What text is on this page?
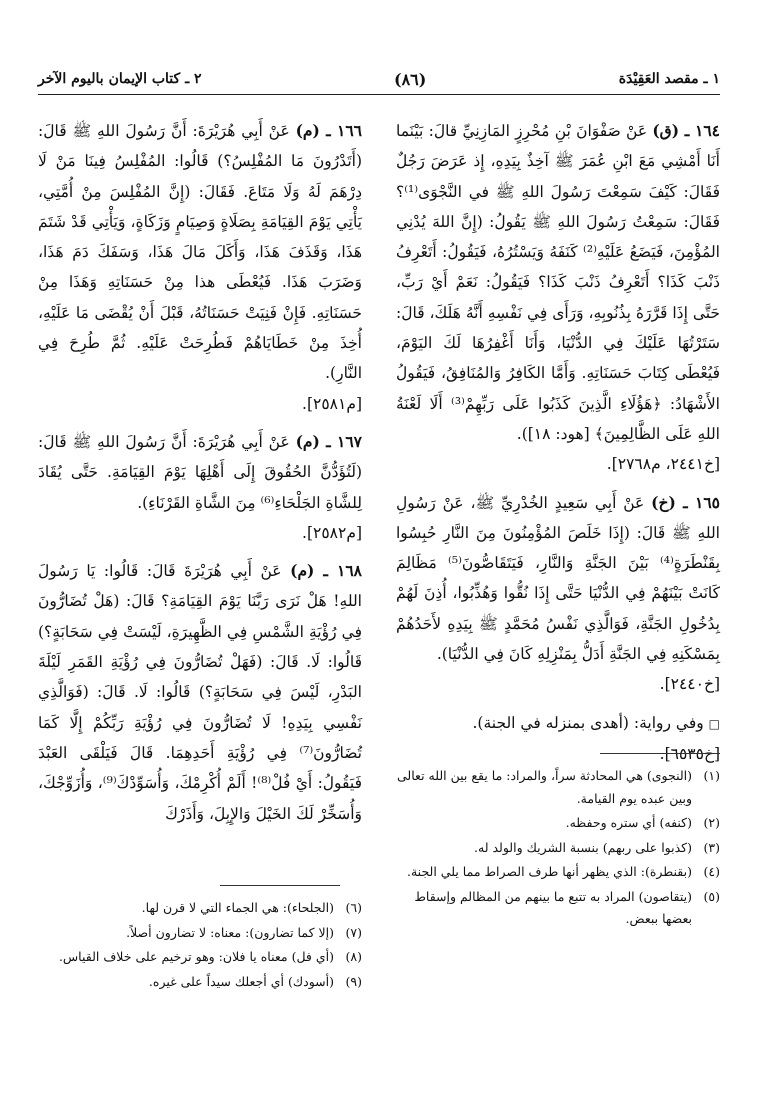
١ ـ مقصد العَقِيْدَة
(٨٦)
٢ ـ كتاب الإيمان باليوم الآخر

١٦٤ ـ (ق) عَنْ صَفْوَانَ بْنِ مُحْرِزٍ المَازِنِيِّ قالَ: بَيْنَما أَنَا أَمْشِي مَعَ ابْنِ عُمَرَ ﷺ آخِذٌ بِيَدِهِ، إِذ عَرَضَ رَجُلٌ فَقَالَ: كَيْفَ سَمِعْتَ رَسُولَ اللهِ ﷺ في النَّجْوَى⁽¹⁾؟ فَقَالَ: سَمِعْتُ رَسُولَ اللهِ ﷺ يَقُولُ: (إِنَّ اللهَ يُدْنِي المُؤْمِنَ، فَيَضَعُ عَلَيْهِ⁽²⁾ كَنَفَهُ وَيَسْتُرُهُ، فَيَقُولُ: أَتَعْرِفُ ذَنْبَ كَذَا؟ أَتَعْرِفُ ذَنْبَ كَذَا؟ فَيَقُولُ: نَعَمْ أَيْ رَبِّ، حَتَّى إِذَا قَرَّرَهُ بِذُنُوبِهِ، وَرَأَى فِي نَفْسِهِ أَنَّهُ هَلَكَ، قَالَ: سَتَرْتُهَا عَلَيْكَ فِي الدُّنْيَا، وَأَنَا أَغْفِرُهَا لَكَ اليَوْمَ، فَيُعْطَى كِتَابَ حَسَنَاتِهِ. وَأَمَّا الكَافِرُ وَالمُنَافِقُ، فَيَقُولُ الأَشْهَادُ: ﴿هَؤُلَاءِ الَّذِينَ كَذَبُوا عَلَى رَبِّهِمْ⁽³⁾ أَلَا لَعْنَةُ اللهِ عَلَى الظَّالِمِينَ﴾ [هود: ١٨]).
[خ٢٤٤١، م٢٧٦٨].

١٦٥ ـ (خ) عَنْ أَبِي سَعِيدٍ الخُدْرِيِّ ﷺ، عَنْ رَسُولِ اللهِ ﷺ قَالَ: (إِذَا خَلَصَ المُؤْمِنُونَ مِنَ النَّارِ حُبِسُوا بِقَنْطَرَةٍ⁽⁴⁾ بَيْنَ الجَنَّةِ وَالنَّارِ، فَيَتَقَاصُّونَ⁽⁵⁾ مَظَالِمَ كَانَتْ بَيْنَهُمْ فِي الدُّنْيَا حَتَّى إِذَا نُقُّوا وَهُذِّبُوا، أُذِنَ لَهُمْ بِدُخُولِ الجَنَّةِ، فَوَالَّذِي نَفْسُ مُحَمَّدٍ ﷺ بِيَدِهِ لأَحَدُهُمْ بِمَسْكَنِهِ فِي الجَنَّةِ أَدَلُّ بِمَنْزِلِهِ كَانَ فِي الدُّنْيَا).
[خ٢٤٤٠].

□ وفي رواية: (أهدى بمنزله في الجنة).
[خ٦٥٣٥].

١٦٦ ـ (م) عَنْ أَبِي هُرَيْرَةَ: أَنَّ رَسُولَ اللهِ ﷺ قَالَ: (أَتَدْرُونَ مَا المُفْلِسُ؟) قَالُوا: المُفْلِسُ فِينَا مَنْ لَا دِرْهَمَ لَهُ وَلَا مَتَاعَ. فَقَالَ: (إِنَّ المُفْلِسَ مِنْ أُمَّتِي، يَأْتِي يَوْمَ القِيَامَةِ بِصَلَاةٍ وَصِيَامٍ وَزَكَاةٍ، وَيَأْتِي قَدْ شَتَمَ هَذَا، وَقَذَفَ هَذَا، وَأَكَلَ مَالَ هَذَا، وَسَفَكَ دَمَ هَذَا، وَضَرَبَ هَذَا. فَيُعْطَى هذا مِنْ حَسَنَاتِهِ وَهَذَا مِنْ حَسَنَاتِهِ. فَإِنْ فَنِيَتْ حَسَنَاتُهُ، قَبْلَ أَنْ يُقْضَى مَا عَلَيْهِ، أُخِذَ مِنْ خَطَايَاهُمْ فَطُرِحَتْ عَلَيْهِ. ثُمَّ طُرِحَ فِي النَّارِ).
[م٢٥٨١].

١٦٧ ـ (م) عَنْ أَبِي هُرَيْرَةَ: أَنَّ رَسُولَ اللهِ ﷺ قَالَ: (لَتُؤَدُّنَّ الحُقُوقَ إِلَى أَهْلِهَا يَوْمَ القِيَامَةِ. حَتَّى يُقَادَ لِلشَّاةِ الجَلْحَاءِ⁽⁶⁾ مِنَ الشَّاةِ القَرْنَاءِ).
[م٢٥٨٢].

١٦٨ ـ (م) عَنْ أَبِي هُرَيْرَةَ قَالَ: قَالُوا: يَا رَسُولَ اللهِ! هَلْ نَرَى رَبَّنَا يَوْمَ القِيَامَةِ؟ قَالَ: (هَلْ تُضَارُّونَ فِي رُؤْيَةِ الشَّمْسِ فِي الظَّهِيرَةِ، لَيْسَتْ فِي سَحَابَةٍ؟) قَالُوا: لَا. قَالَ: (فَهَلْ تُضَارُّونَ فِي رُؤْيَةِ القَمَرِ لَيْلَةَ البَدْرِ، لَيْسَ فِي سَحَابَةٍ؟) قَالُوا: لَا. قَالَ: (فَوَالَّذِي نَفْسِي بِيَدِهِ! لَا تُضَارُّونَ فِي رُؤْيَةِ رَبِّكُمْ إِلَّا كَمَا تُضَارُّونَ⁽⁷⁾ فِي رُؤْيَةِ أَحَدِهِمَا. قَالَ فَيَلْقَى العَبْدَ فَيَقُولُ: أَيْ فُلْ⁽⁸⁾! أَلَمْ أُكْرِمْكَ، وَأُسَوِّدْكَ⁽⁹⁾، وَأُزَوِّجْكَ، وَأُسَخِّرْ لَكَ الخَيْلَ وَالإِبِلَ، وَأَذَرْكَ

(١)(النجوى) هي المحادثة سراً، والمراد: ما يقع بين الله تعالى وبين عبده يوم القيامة.
(٢)(كنفه) أي ستره وحفظه.
(٣)(كذبوا على ربهم) بنسبة الشريك والولد له.
(٤)(بقنطرة): الذي يظهر أنها طرف الصراط مما يلي الجنة.
(٥)(يتقاصون) المراد به تتبع ما بينهم من المظالم وإسقاط بعضها ببعض.
(٦)(الجلحاء): هي الجماء التي لا قرن لها.
(٧)(إلا كما تضارون): معناه: لا تضارون أصلاً.
(٨)(أي فل) معناه يا فلان: وهو ترخيم على خلاف القياس.
(٩)(أسودك) أي أجعلك سيداً على غيره.
